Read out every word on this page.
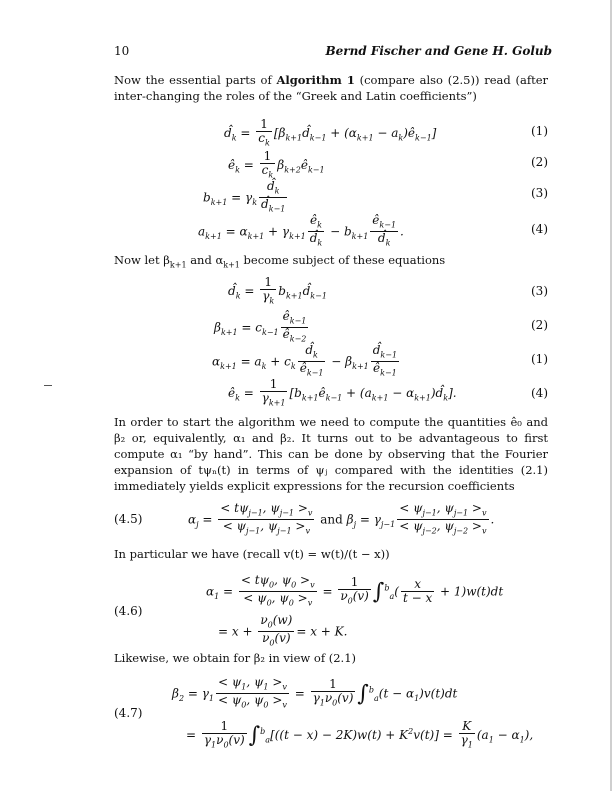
10	Bernd Fischer and Gene H. Golub
Now the essential parts of Algorithm 1 (compare also (2.5)) read (after inter-changing the roles of the “Greek and Latin coefficients”)
$d̂_k = \frac{1}{c_k}$ [$\beta_{k+1}d̂_{k-1} + (\alpha_{k+1}$ − $a_k)ê_{k-1}$]	(1)
$ê_k = \frac{1}{c_k}$ $\beta_{k+2}ê_{k-1}$
(2)
$b_{k+1} = \gamma_k \frac{d̂_k}{d̂_{k-1}}$	(3)
$a_{k+1} = \alpha_{k+1} + \gamma_{k+1} \frac{ê_k}{d̂_k} - b_{k+1} \frac{ê_{k-1}}{d̂_k}$ .	(4)
Now let $\beta_{k+1}$ and $\alpha_{k+1}$ become subject of these equations
$d̂_k = \frac{1}{\gamma_k}$ $b_{k+1}d̂_{k-1}$	(3)
$\beta_{k+1} = c_{k-1} \frac{ê_{k-1}}{ê_{k-2}}$	(2)
$\alpha_{k+1} = a_k + c_k \frac{d̂_k}{ê_{k-1}} - \beta_{k+1} \frac{d̂_{k-1}}{ê_{k-1}}$	(1)
$ê_k = \frac{1}{\gamma_{k+1}}$ [$b_{k+1}ê_{k-1} + (a_{k+1}$ − $\alpha_{k+1})d̂_k$].	(4)
In order to start the algorithm we need to compute the quantities ê₀ and β₂ or, equivalently, α₁ and β₂. It turns out to be advantageous to first compute α₁ “by hand”. This can be done by observing that the Fourier expansion of tψₙ(t) in terms of ψⱼ compared with the identities (2.1) immediately yields explicit expressions for the recursion coefficients
(4.5)	$\alpha_j = \frac{< t\psi_{j-1}, \psi_{j-1} >_v}{< \psi_{j-1}, \psi_{j-1} >_v}$ and $\beta_j = \gamma_{j-1} \frac{< \psi_{j-1}, \psi_{j-1} >_v}{< \psi_{j-2}, \psi_{j-2} >_v}$ .
In particular we have (recall v(t) = w(t)/(t − x))
(4.6)
$\alpha_1 = \frac{< t\psi_0, \psi_0 >_v}{< \psi_0, \psi_0 >_v} = \frac{1}{\nu_0(v)} \int^b_a( \frac{x}{t - x} + 1)w(t)dt$
= $x + \frac{\nu_0(w)}{\nu_0(v)} = x + K$.
Likewise, we obtain for β₂ in view of (2.1)
(4.7)
$\beta_2 = \gamma_1 \frac{< \psi_1, \psi_1 >_v}{< \psi_0, \psi_0 >_v} = \frac{1}{\gamma_1\nu_0(v)} \int^b_a(t - \alpha_1)v(t)dt$
= $\frac{1}{\gamma_1\nu_0(v)} \int^b_a[((t - x) - 2K)w(t) + K^2v(t)] = \frac{K}{\gamma_1} (a_1 - \alpha_1)$,
